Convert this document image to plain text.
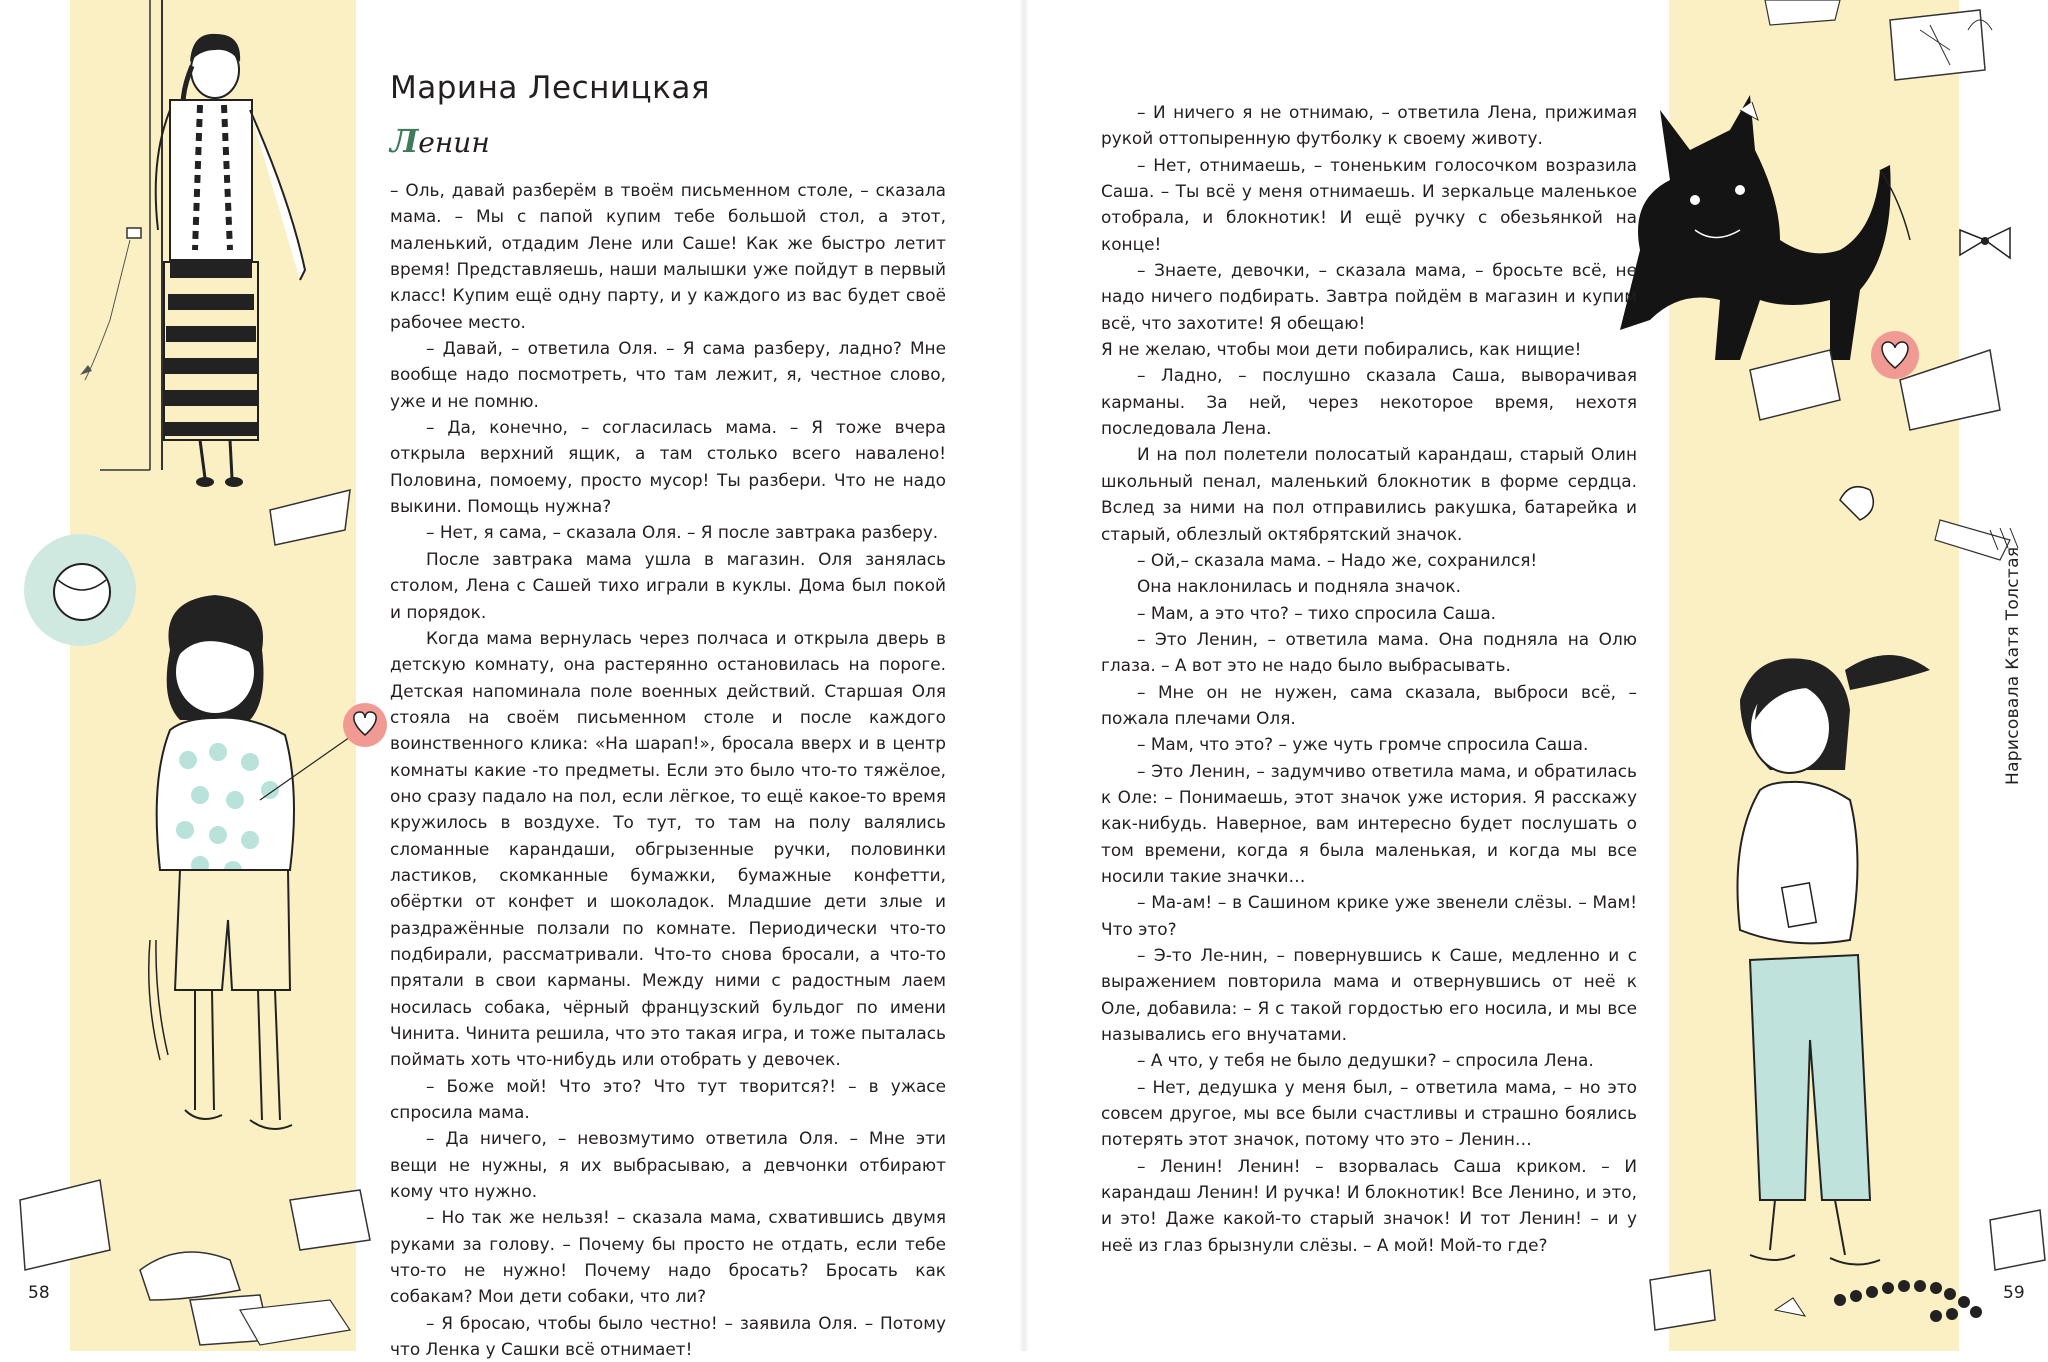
Марина Лесницкая
Ленин

– Оль, давай разберём в твоём письменном столе, – сказала мама. – Мы с папой купим тебе большой стол, а этот, маленький, отдадим Лене или Саше! Как же быстро летит время! Представляешь, наши малышки уже пойдут в первый класс! Купим ещё одну парту, и у каждого из вас будет своё рабочее место.

– Давай, – ответила Оля. – Я сама разберу, ладно? Мне вообще надо посмотреть, что там лежит, я, честное слово, уже и не помню.

– Да, конечно, – согласилась мама. – Я тоже вчера открыла верхний ящик, а там столько всего навалено! Половина, помоему, просто мусор! Ты разбери. Что не надо выкини. Помощь нужна?

– Нет, я сама, – сказала Оля. – Я после завтрака разберу.

После завтрака мама ушла в магазин. Оля занялась столом, Лена с Сашей тихо играли в куклы. Дома был покой и порядок.

Когда мама вернулась через полчаса и открыла дверь в детскую комнату, она растерянно остановилась на пороге. Детская напоминала поле военных действий. Старшая Оля стояла на своём письменном столе и после каждого воинственного клика: «На шарап!», бросала вверх и в центр комнаты какие -то предметы. Если это было что-то тяжёлое, оно сразу падало на пол, если лёгкое, то ещё какое-то время кружилось в воздухе. То тут, то там на полу валялись сломанные карандаши, обгрызенные ручки, половинки ластиков, скомканные бумажки, бумажные конфетти, обёртки от конфет и шоколадок. Младшие дети злые и раздражённые ползали по комнате. Периодически что-то подбирали, рассматривали. Что-то снова бросали, а что-то прятали в свои карманы. Между ними с радостным лаем носилась собака, чёрный французский бульдог по имени Чинита. Чинита решила, что это такая игра, и тоже пыталась поймать хоть что-нибудь или отобрать у девочек.

– Боже мой! Что это? Что тут творится?! – в ужасе спросила мама.

– Да ничего, – невозмутимо ответила Оля. – Мне эти вещи не нужны, я их выбрасываю, а девчонки отбирают кому что нужно.

– Но так же нельзя! – сказала мама, схватившись двумя руками за голову. – Почему бы просто не отдать, если тебе что-то не нужно! Почему надо бросать? Бросать как собакам? Мои дети собаки, что ли?

– Я бросаю, чтобы было честно! – заявила Оля. – Потому что Ленка у Сашки всё отнимает!

– И ничего я не отнимаю, – ответила Лена, прижимая рукой оттопыренную футболку к своему животу.

– Нет, отнимаешь, – тоненьким голосочком возразила Саша. – Ты всё у меня отнимаешь. И зеркальце маленькое отобрала, и блокнотик! И ещё ручку с обезьянкой на конце!

– Знаете, девочки, – сказала мама, – бросьте всё, не надо ничего подбирать. Завтра пойдём в магазин и купим всё, что захотите! Я обещаю!

Я не желаю, чтобы мои дети побирались, как нищие!

– Ладно, – послушно сказала Саша, выворачивая карманы. За ней, через некоторое время, нехотя последовала Лена.

И на пол полетели полосатый карандаш, старый Олин школьный пенал, маленький блокнотик в форме сердца. Вслед за ними на пол отправились ракушка, батарейка и старый, облезлый октябрятский значок.

– Ой,– сказала мама. – Надо же, сохранился!

Она наклонилась и подняла значок.

– Мам, а это что? – тихо спросила Саша.

– Это Ленин, – ответила мама. Она подняла на Олю глаза. – А вот это не надо было выбрасывать.

– Мне он не нужен, сама сказала, выброси всё, – пожала плечами Оля.

– Мам, что это? – уже чуть громче спросила Саша.

– Это Ленин, – задумчиво ответила мама, и обратилась к Оле: – Понимаешь, этот значок уже история. Я расскажу как-нибудь. Наверное, вам интересно будет послушать о том времени, когда я была маленькая, и когда мы все носили такие значки…

– Ма-ам! – в Сашином крике уже звенели слёзы. – Мам! Что это?

– Э-то Ле-нин, – повернувшись к Саше, медленно и с выражением повторила мама и отвернувшись от неё к Оле, добавила: – Я с такой гордостью его носила, и мы все назывались его внучатами.

– А что, у тебя не было дедушки? – спросила Лена.

– Нет, дедушка у меня был, – ответила мама, – но это совсем другое, мы все были счастливы и страшно боялись потерять этот значок, потому что это – Ленин…

– Ленин! Ленин! – взорвалась Саша криком. – И карандаш Ленин! И ручка! И блокнотик! Все Ленино, и это, и это! Даже какой-то старый значок! И тот Ленин! – и у неё из глаз брызнули слёзы. – А мой! Мой-то где?

58	59
Нарисовала Катя Толстая
